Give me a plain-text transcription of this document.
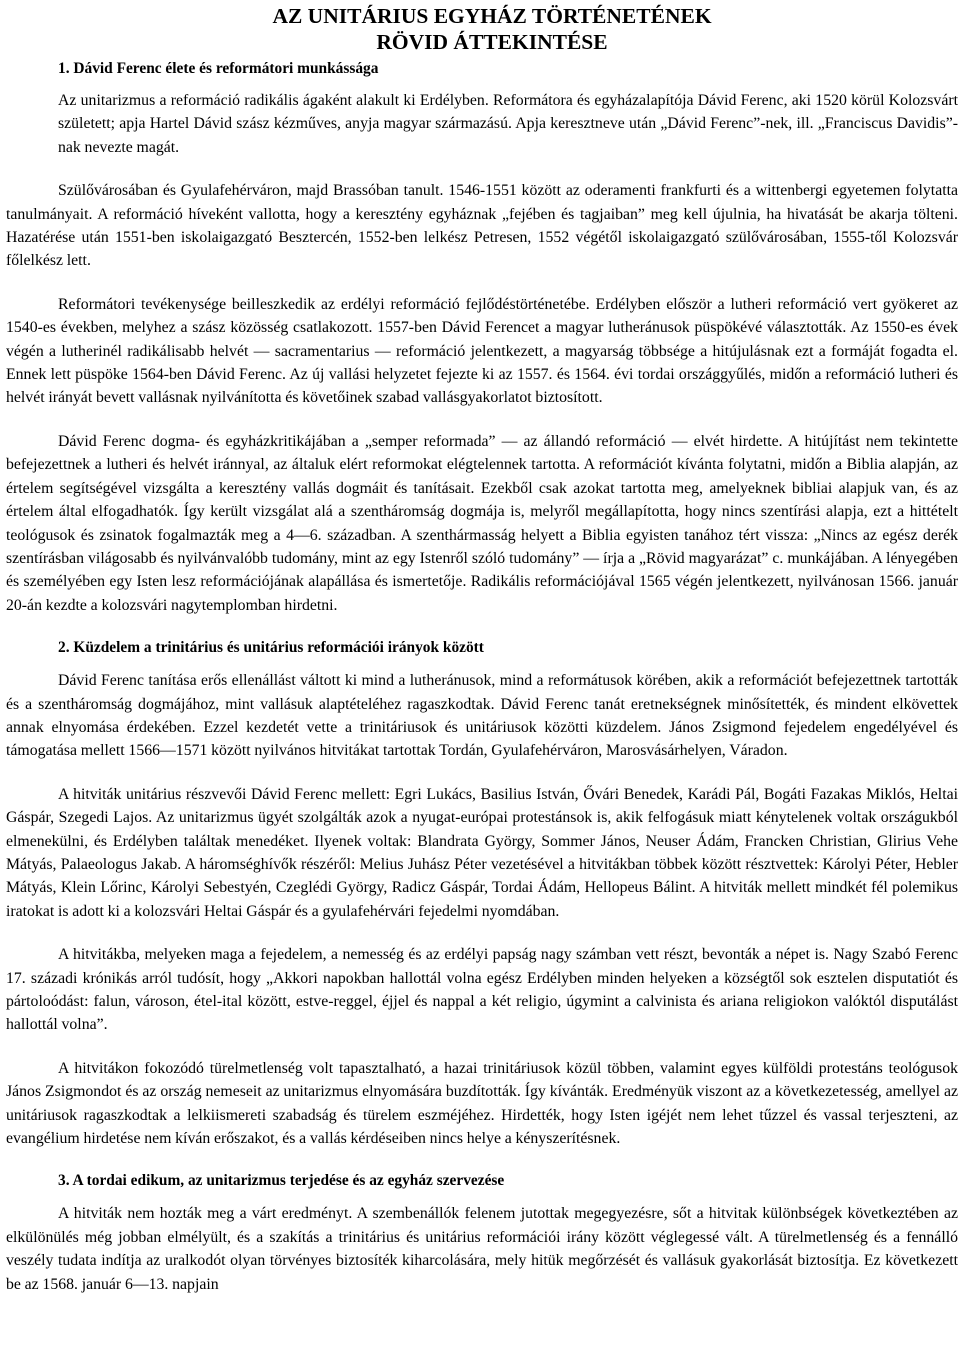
AZ UNITÁRIUS EGYHÁZ TÖRTÉNETÉNEK
RÖVID ÁTTEKINTÉSE
1. Dávid Ferenc élete és reformátori munkássága

Az unitarizmus a reformáció radikális ágaként alakult ki Erdélyben. Reformátora és egyházalapítója Dávid Ferenc, aki 1520 körül Kolozsvárt született; apja Hartel Dávid szász kézműves, anyja magyar származású. Apja keresztneve után „Dávid Ferenc”-nek, ill. „Franciscus Davidis”-nak nevezte magát.

Szülővárosában és Gyulafehérváron, majd Brassóban tanult. 1546-1551 között az oderamenti frankfurti és a wittenbergi egyetemen folytatta tanulmányait. A reformáció híveként vallotta, hogy a keresztény egyháznak „fejében és tagjaiban” meg kell újulnia, ha hivatását be akarja tölteni. Hazatérése után 1551-ben iskolaigazgató Besztercén, 1552-ben lelkész Petresen, 1552 végétől iskolaigazgató szülővárosában, 1555-től Kolozsvár főlelkész lett.

Reformátori tevékenysége beilleszkedik az erdélyi reformáció fejlődéstörténetébe. Erdélyben először a lutheri reformáció vert gyökeret az 1540-es években, melyhez a szász közösség csatlakozott. 1557-ben Dávid Ferencet a magyar lutheránusok püspökévé választották. Az 1550-es évek végén a lutherinél radikálisabb helvét — sacramentarius — reformáció jelentkezett, a magyarság többsége a hitújulásnak ezt a formáját fogadta el. Ennek lett püspöke 1564-ben Dávid Ferenc. Az új vallási helyzetet fejezte ki az 1557. és 1564. évi tordai országgyűlés, midőn a reformáció lutheri és helvét irányát bevett vallásnak nyilvánította és követőinek szabad vallásgyakorlatot biztosított.

Dávid Ferenc dogma- és egyházkritikájában a „semper reformada” — az állandó reformáció — elvét hirdette. A hitújítást nem tekintette befejezettnek a lutheri és helvét iránnyal, az általuk elért reformokat elégtelennek tartotta. A reformációt kívánta folytatni, midőn a Biblia alapján, az értelem segítségével vizsgálta a keresztény vallás dogmáit és tanításait. Ezekből csak azokat tartotta meg, amelyeknek bibliai alapjuk van, és az értelem által elfogadhatók. Így került vizsgálat alá a szentháromság dogmája is, melyről megállapította, hogy nincs szentírási alapja, ezt a hittételt teológusok és zsinatok fogalmazták meg a 4—6. században. A szenthármasság helyett a Biblia egyisten tanához tért vissza: „Nincs az egész derék szentírásban világosabb és nyilvánvalóbb tudomány, mint az egy Istenről szóló tudomány” — írja a „Rövid magyarázat” c. munkájában. A lényegében és személyében egy Isten lesz reformációjának alapállása és ismertetője. Radikális reformációjával 1565 végén jelentkezett, nyilvánosan 1566. január 20-án kezdte a kolozsvári nagytemplomban hirdetni.

2. Küzdelem a trinitárius és unitárius reformációi irányok között

Dávid Ferenc tanítása erős ellenállást váltott ki mind a lutheránusok, mind a reformátusok körében, akik a reformációt befejezettnek tartották és a szentháromság dogmájához, mint vallásuk alaptételéhez ragaszkodtak. Dávid Ferenc tanát eretnekségnek minősítették, és mindent elkövettek annak elnyomása érdekében. Ezzel kezdetét vette a trinitáriusok és unitáriusok közötti küzdelem. János Zsigmond fejedelem engedélyével és támogatása mellett 1566—1571 között nyilvános hitvitákat tartottak Tordán, Gyulafehérváron, Marosvásárhelyen, Váradon.

A hitviták unitárius részvevői Dávid Ferenc mellett: Egri Lukács, Basilius István, Ővári Benedek, Karádi Pál, Bogáti Fazakas Miklós, Heltai Gáspár, Szegedi Lajos. Az unitarizmus ügyét szolgálták azok a nyugat-európai protestánsok is, akik felfogásuk miatt kénytelenek voltak országukból elmenekülni, és Erdélyben találtak menedéket. Ilyenek voltak: Blandrata György, Sommer János, Neuser Ádám, Francken Christian, Glirius Vehe Mátyás, Palaeologus Jakab. A háromséghívők részéről: Melius Juhász Péter vezetésével a hitvitákban többek között résztvettek: Károlyi Péter, Hebler Mátyás, Klein Lőrinc, Károlyi Sebestyén, Czeglédi György, Radicz Gáspár, Tordai Ádám, Hellopeus Bálint. A hitviták mellett mindkét fél polemikus iratokat is adott ki a kolozsvári Heltai Gáspár és a gyulafehérvári fejedelmi nyomdában.

A hitvitákba, melyeken maga a fejedelem, a nemesség és az erdélyi papság nagy számban vett részt, bevonták a népet is. Nagy Szabó Ferenc 17. századi krónikás arról tudósít, hogy „Akkori napokban hallottál volna egész Erdélyben minden helyeken a községtől sok esztelen disputatiót és pártoloódást: falun, városon, étel-ital között, estve-reggel, éjjel és nappal a két religio, úgymint a calvinista és ariana religiokon valóktól disputálást hallottál volna”.

A hitvitákon fokozódó türelmetlenség volt tapasztalható, a hazai trinitáriusok közül többen, valamint egyes külföldi protestáns teológusok János Zsigmondot és az ország nemeseit az unitarizmus elnyomására buzdították. Így kívánták. Eredményük viszont az a következetesség, amellyel az unitáriusok ragaszkodtak a lelkiismereti szabadság és türelem eszméjéhez. Hirdették, hogy Isten igéjét nem lehet tűzzel és vassal terjeszteni, az evangélium hirdetése nem kíván erőszakot, és a vallás kérdéseiben nincs helye a kényszerítésnek.

3. A tordai edikum, az unitarizmus terjedése és az egyház szervezése

A hitviták nem hozták meg a várt eredményt. A szembenállók felenem jutottak megegyezésre, sőt a hitvitak különbségek következtében az elkülönülés még jobban elmélyült, és a szakítás a trinitárius és unitárius reformációi irány között véglegessé vált. A türelmetlenség és a fennálló veszély tudata indítja az uralkodót olyan törvényes biztosíték kiharcolására, mely hitük megőrzését és vallásuk gyakorlását biztosítja. Ez következett be az 1568. január 6—13. napjain
